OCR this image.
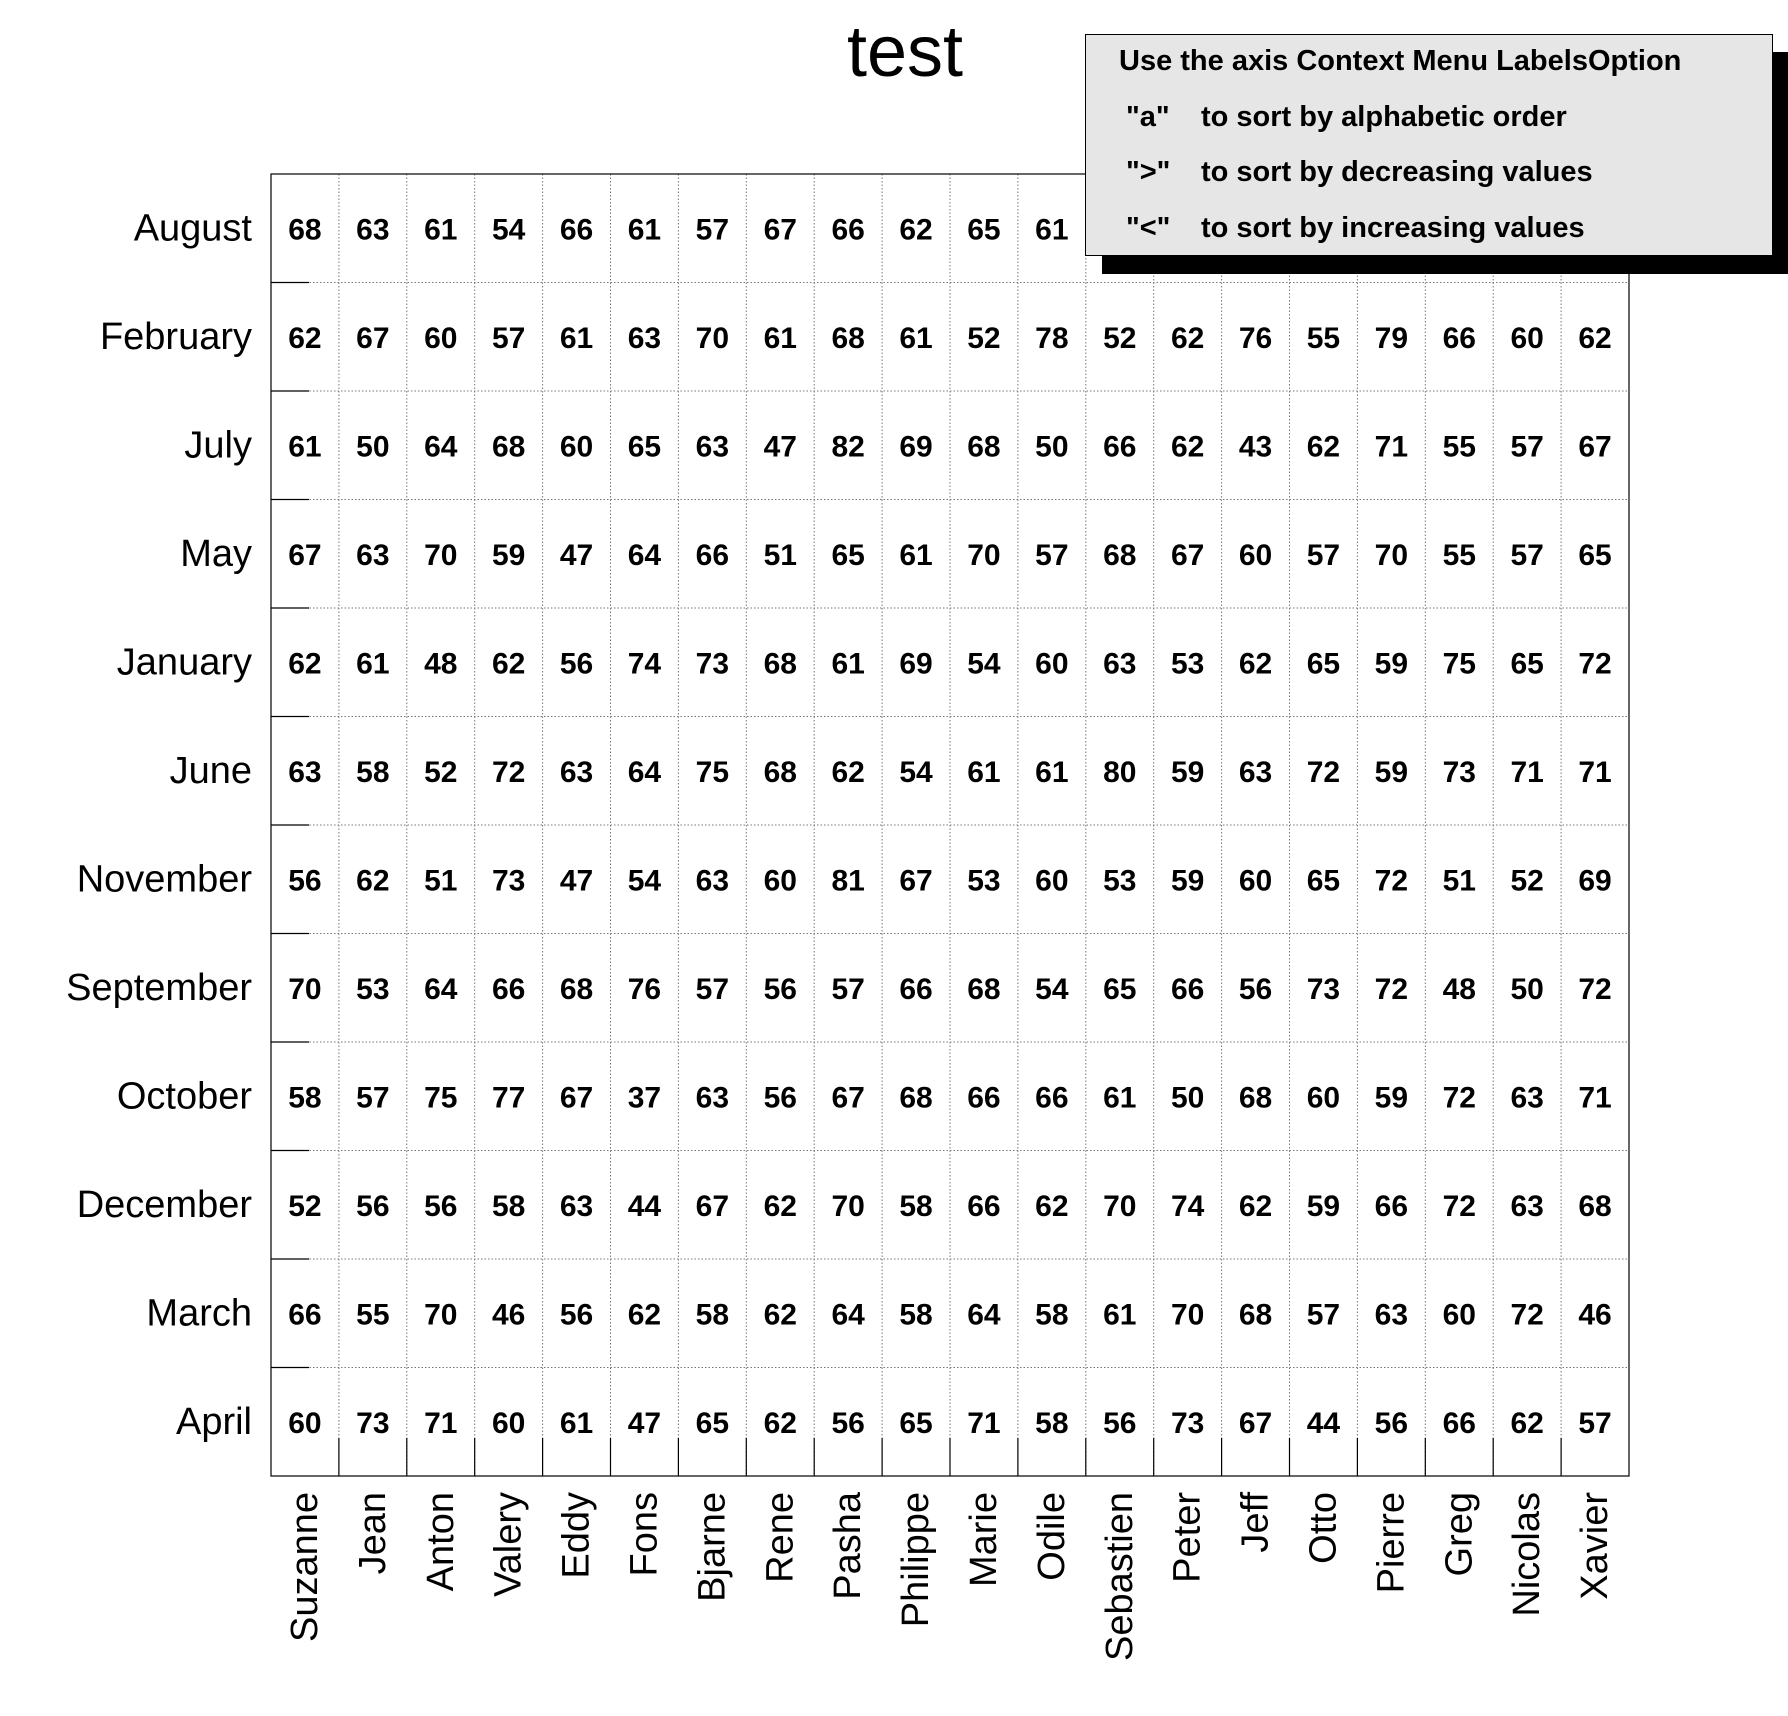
test
August
February
July
May
January
June
November
September
October
December
March
April
Suzanne Jean Anton Valery Eddy Fons Bjarne Rene Pasha Philippe Marie Odile Sebastien Peter Jeff Otto Pierre Greg Nicolas Xavier
68 63 61 54 66 61 57 67 66 62 65 61
62 67 60 57 61 63 70 61 68 61 52 78 52 62 76 55 79 66 60 62
61 50 64 68 60 65 63 47 82 69 68 50 66 62 43 62 71 55 57 67
67 63 70 59 47 64 66 51 65 61 70 57 68 67 60 57 70 55 57 65
62 61 48 62 56 74 73 68 61 69 54 60 63 53 62 65 59 75 65 72
63 58 52 72 63 64 75 68 62 54 61 61 80 59 63 72 59 73 71 71
56 62 51 73 47 54 63 60 81 67 53 60 53 59 60 65 72 51 52 69
70 53 64 66 68 76 57 56 57 66 68 54 65 66 56 73 72 48 50 72
58 57 75 77 67 37 63 56 67 68 66 66 61 50 68 60 59 72 63 71
52 56 56 58 63 44 67 62 70 58 66 62 70 74 62 59 66 72 63 68
66 55 70 46 56 62 58 62 64 58 64 58 61 70 68 57 63 60 72 46
60 73 71 60 61 47 65 62 56 65 71 58 56 73 67 44 56 66 62 57
Use the axis Context Menu LabelsOption
"a" to sort by alphabetic order
">" to sort by decreasing values
"<" to sort by increasing values
